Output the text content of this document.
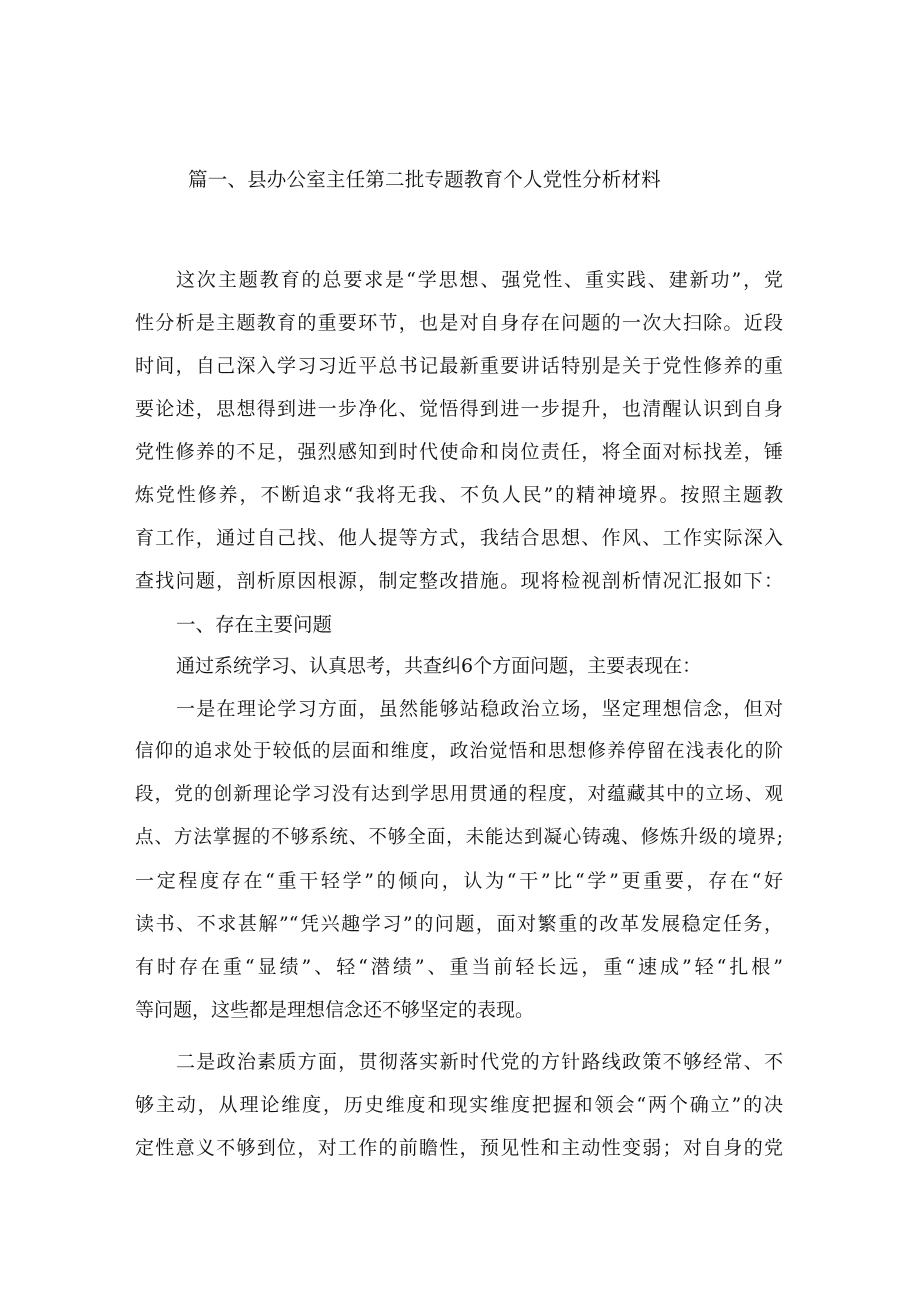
篇一、县办公室主任第二批专题教育个人党性分析材料

这次主题教育的总要求是“学思想、强党性、重实践、建新功”，党

性分析是主题教育的重要环节，也是对自身存在问题的一次大扫除。近段

时间，自己深入学习习近平总书记最新重要讲话特别是关于党性修养的重

要论述，思想得到进一步净化、觉悟得到进一步提升，也清醒认识到自身

党性修养的不足，强烈感知到时代使命和岗位责任，将全面对标找差，锤

炼党性修养，不断追求“我将无我、不负人民”的精神境界。按照主题教

育工作，通过自己找、他人提等方式，我结合思想、作风、工作实际深入

查找问题，剖析原因根源，制定整改措施。现将检视剖析情况汇报如下：

一、存在主要问题

通过系统学习、认真思考，共查纠6个方面问题，主要表现在：

一是在理论学习方面，虽然能够站稳政治立场，坚定理想信念，但对

信仰的追求处于较低的层面和维度，政治觉悟和思想修养停留在浅表化的阶

段，党的创新理论学习没有达到学思用贯通的程度，对蕴藏其中的立场、观

点、方法掌握的不够系统、不够全面，未能达到凝心铸魂、修炼升级的境界;

一定程度存在“重干轻学”的倾向，认为“干”比“学”更重要，存在“好

读书、不求甚解”“凭兴趣学习”的问题，面对繁重的改革发展稳定任务，

有时存在重“显绩”、轻“潜绩”、重当前轻长远，重“速成”轻“扎根”

等问题，这些都是理想信念还不够坚定的表现。

二是政治素质方面，贯彻落实新时代党的方针路线政策不够经常、不

够主动，从理论维度，历史维度和现实维度把握和领会“两个确立”的决

定性意义不够到位，对工作的前瞻性，预见性和主动性变弱；对自身的党
